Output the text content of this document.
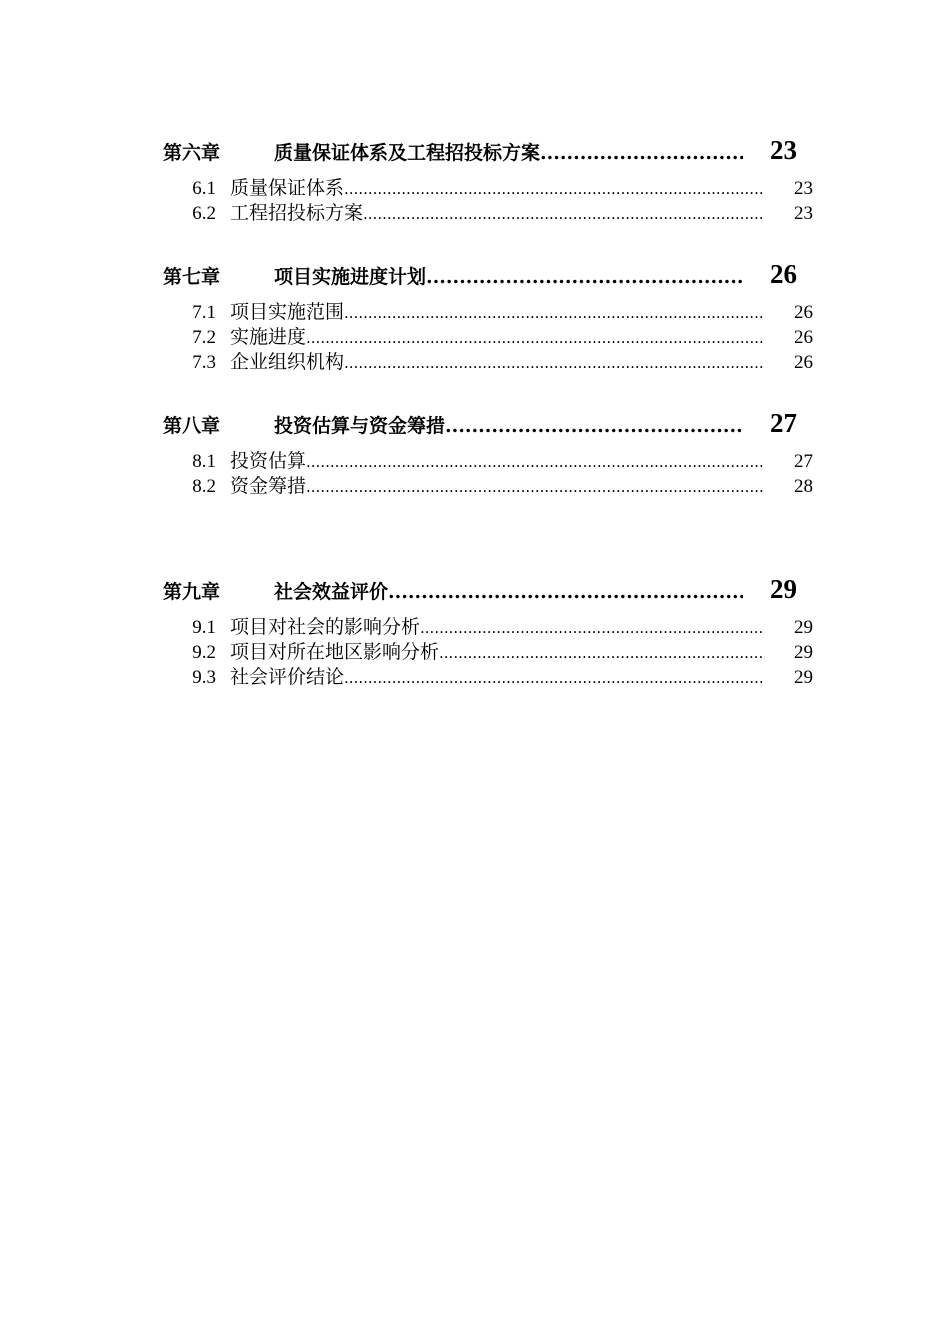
第六章	质量保证体系及工程招投标方案 .....	23
6.1 质量保证体系 .....	23
6.2 工程招投标方案 .....	23
第七章	项目实施进度计划 .....	26
7.1 项目实施范围 .....	26
7.2 实施进度 .....	26
7.3 企业组织机构 .....	26
第八章	投资估算与资金筹措 .....	27
8.1 投资估算 .....	27
8.2 资金筹措 .....	28
第九章	社会效益评价 .....	29
9.1 项目对社会的影响分析 .....	29
9.2 项目对所在地区影响分析 .....	29
9.3 社会评价结论 .....	29
